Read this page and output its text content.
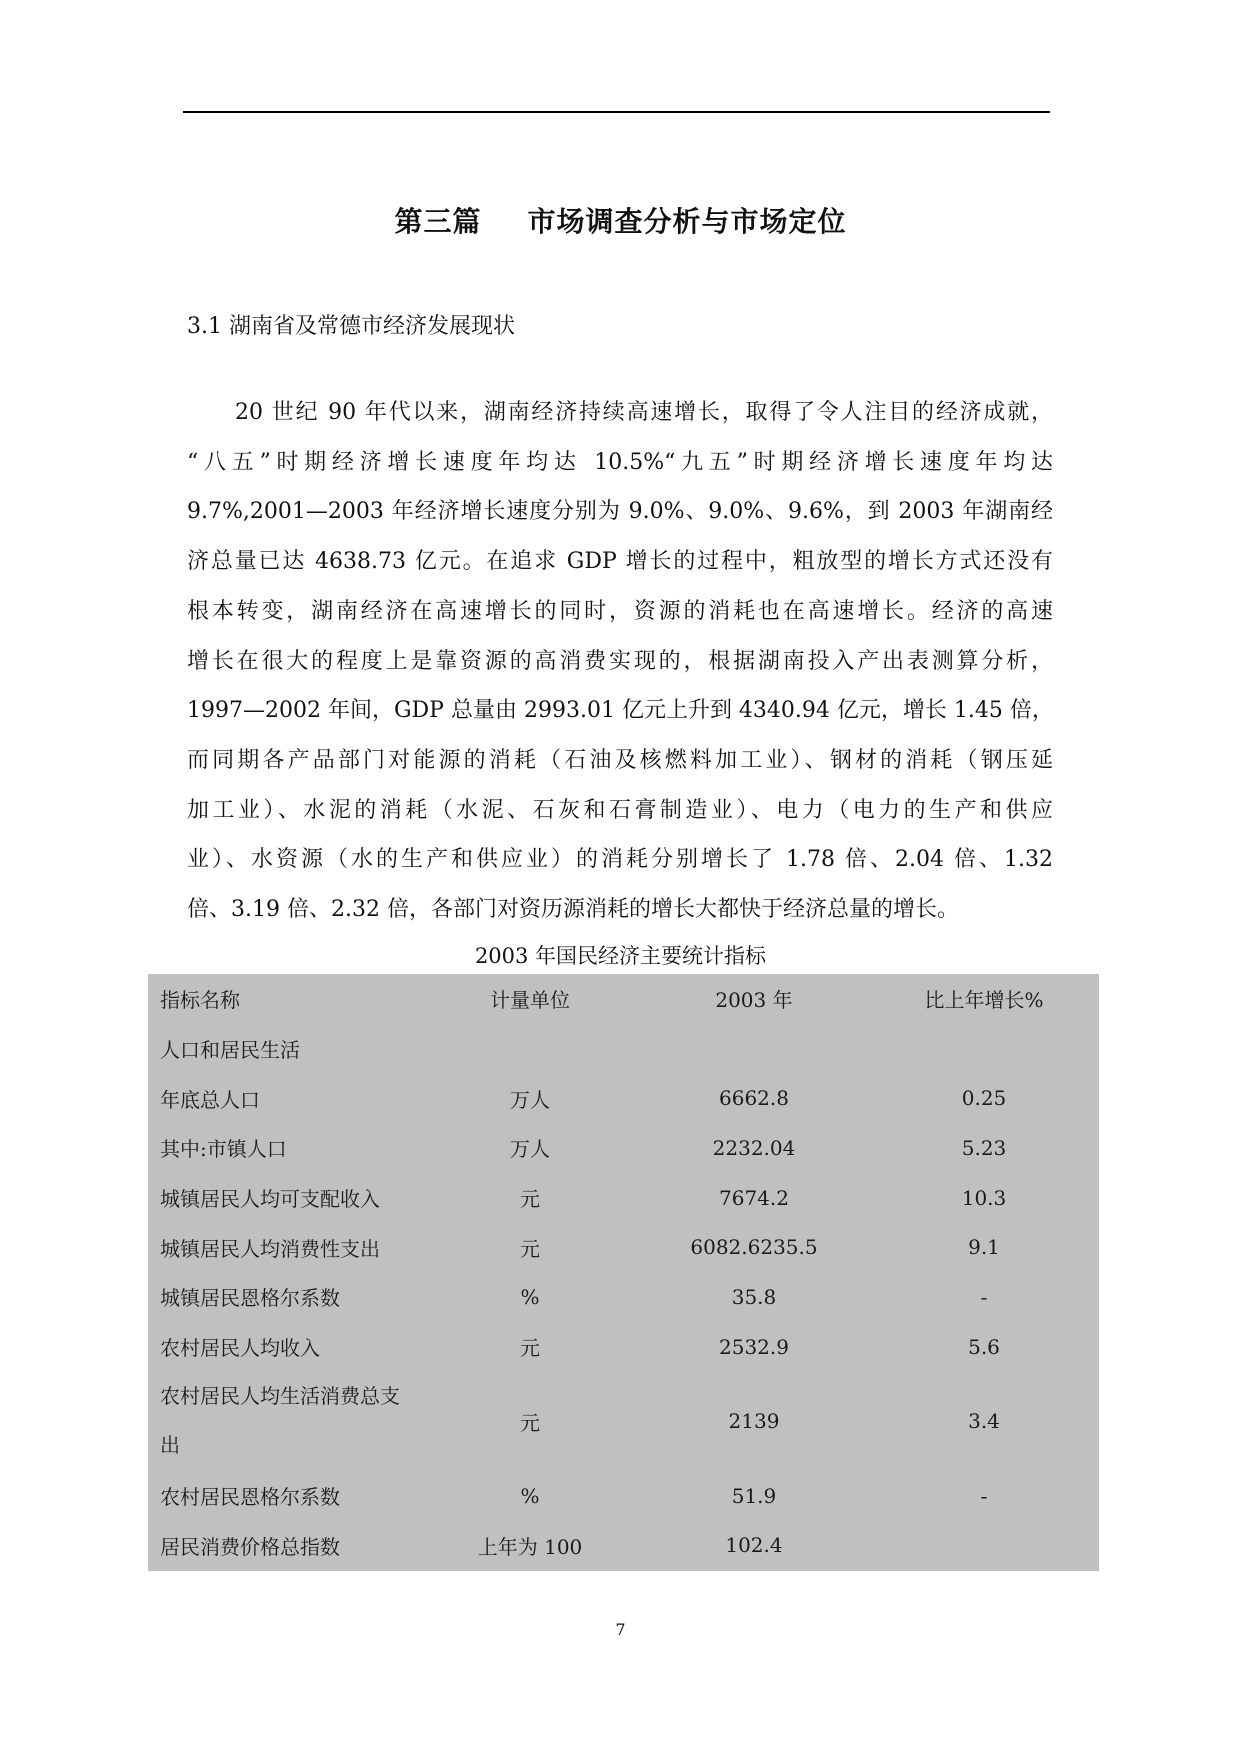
第三篇 市场调查分析与市场定位
3.1 湖南省及常德市经济发展现状
20 世纪 90 年代以来，湖南经济持续高速增长，取得了令人注目的经济成就，
“八五”时期经济增长速度年均达 10.5%“九五”时期经济增长速度年均达
9.7%,2001—2003 年经济增长速度分别为 9.0%、9.0%、9.6%，到 2003 年湖南经
济总量已达 4638.73 亿元。在追求 GDP 增长的过程中，粗放型的增长方式还没有
根本转变，湖南经济在高速增长的同时，资源的消耗也在高速增长。经济的高速
增长在很大的程度上是靠资源的高消费实现的，根据湖南投入产出表测算分析，
1997—2002 年间，GDP 总量由 2993.01 亿元上升到 4340.94 亿元，增长 1.45 倍，
而同期各产品部门对能源的消耗（石油及核燃料加工业）、钢材的消耗（钢压延
加工业）、水泥的消耗（水泥、石灰和石膏制造业）、电力（电力的生产和供应
业）、水资源（水的生产和供应业）的消耗分别增长了 1.78 倍、2.04 倍、1.32
倍、3.19 倍、2.32 倍，各部门对资历源消耗的增长大都快于经济总量的增长。
2003 年国民经济主要统计指标
指标名称	计量单位	2003 年	比上年增长%
人口和居民生活			
年底总人口	万人	6662.8	0.25
其中:市镇人口	万人	2232.04	5.23
城镇居民人均可支配收入	元	7674.2	10.3
城镇居民人均消费性支出	元	6082.6235.5	9.1
城镇居民恩格尔系数	%	35.8	-
农村居民人均收入	元	2532.9	5.6

农村居民人均生活消费总支
出	元	2139	3.4
农村居民恩格尔系数	%	51.9	-
居民消费价格总指数	上年为 100	102.4	
7
